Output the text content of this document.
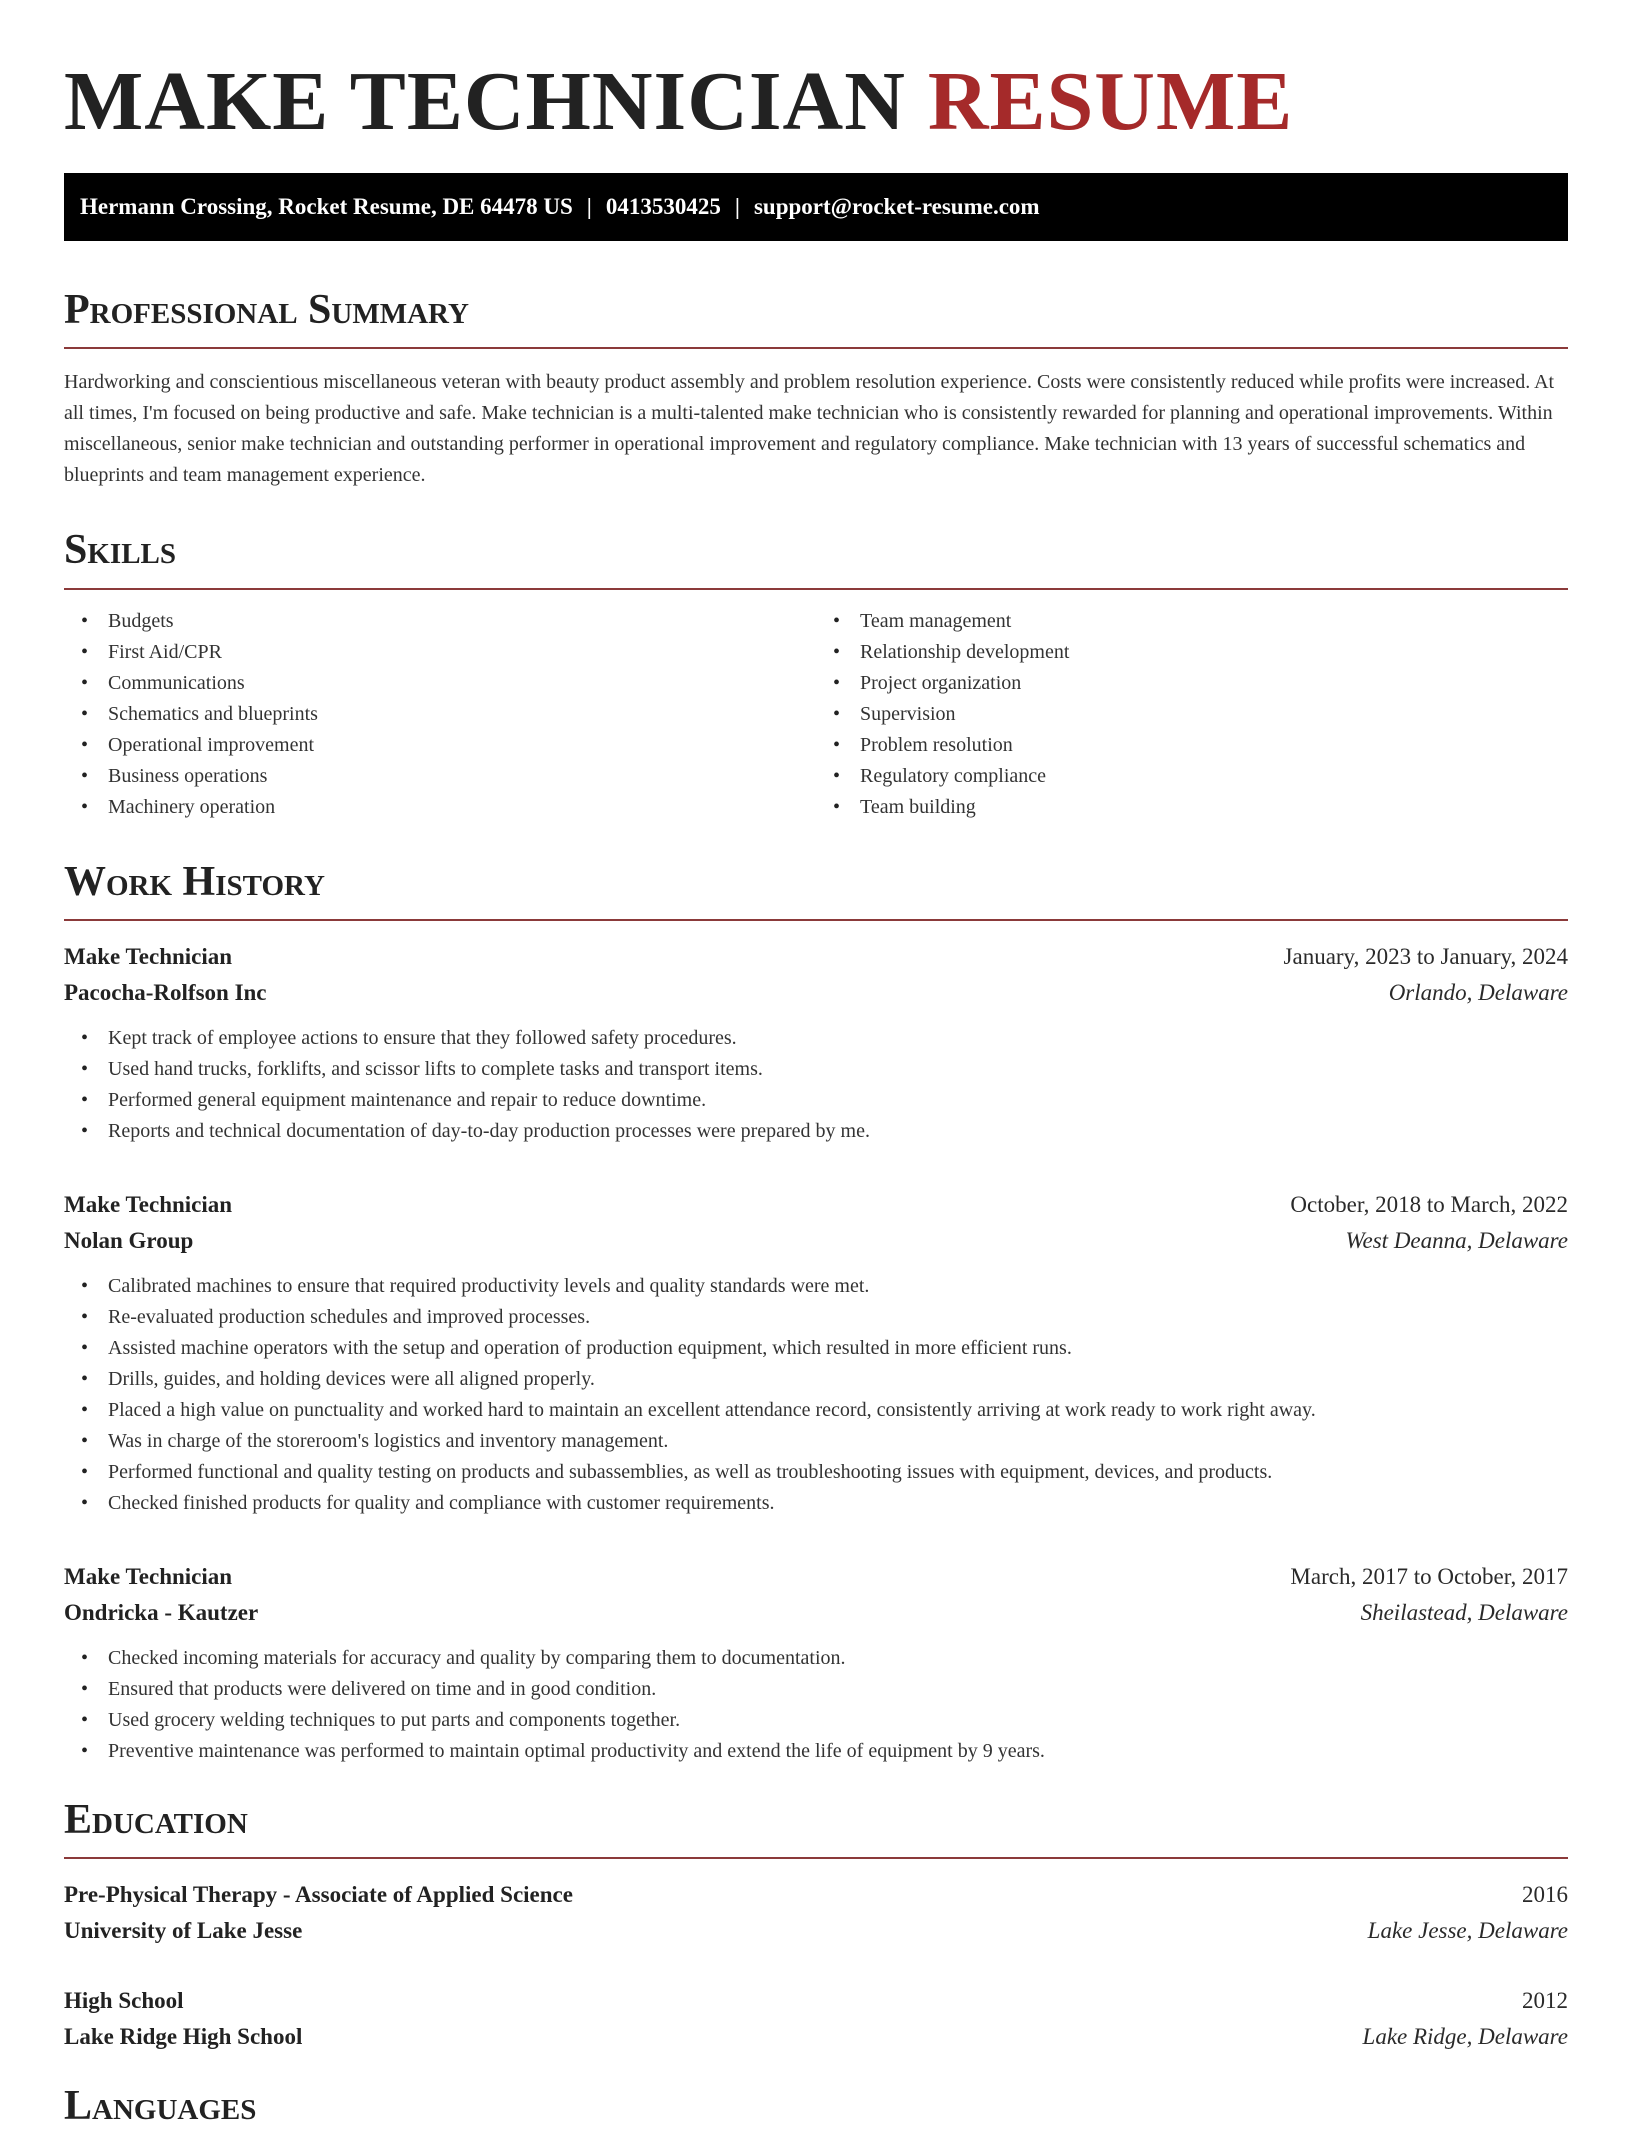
MAKE TECHNICIAN RESUME
Hermann Crossing, Rocket Resume, DE 64478 US | 0413530425 | support@rocket-resume.com
Professional Summary

Hardworking and conscientious miscellaneous veteran with beauty product assembly and problem resolution experience. Costs were consistently reduced while profits were increased. At all times, I'm focused on being productive and safe. Make technician is a multi-talented make technician who is consistently rewarded for planning and operational improvements. Within miscellaneous, senior make technician and outstanding performer in operational improvement and regulatory compliance. Make technician with 13 years of successful schematics and blueprints and team management experience.

Skills
• Budgets
• First Aid/CPR
• Communications
• Schematics and blueprints
• Operational improvement
• Business operations
• Machinery operation
• Team management
• Relationship development
• Project organization
• Supervision
• Problem resolution
• Regulatory compliance
• Team building
Work History
Make Technician	January, 2023 to January, 2024
Pacocha-Rolfson Inc	Orlando, Delaware
• Kept track of employee actions to ensure that they followed safety procedures.
• Used hand trucks, forklifts, and scissor lifts to complete tasks and transport items.
• Performed general equipment maintenance and repair to reduce downtime.
• Reports and technical documentation of day-to-day production processes were prepared by me.
Make Technician	October, 2018 to March, 2022
Nolan Group	West Deanna, Delaware
• Calibrated machines to ensure that required productivity levels and quality standards were met.
• Re-evaluated production schedules and improved processes.
• Assisted machine operators with the setup and operation of production equipment, which resulted in more efficient runs.
• Drills, guides, and holding devices were all aligned properly.
• Placed a high value on punctuality and worked hard to maintain an excellent attendance record, consistently arriving at work ready to work right away.
• Was in charge of the storeroom's logistics and inventory management.
• Performed functional and quality testing on products and subassemblies, as well as troubleshooting issues with equipment, devices, and products.
• Checked finished products for quality and compliance with customer requirements.
Make Technician	March, 2017 to October, 2017
Ondricka - Kautzer	Sheilastead, Delaware
• Checked incoming materials for accuracy and quality by comparing them to documentation.
• Ensured that products were delivered on time and in good condition.
• Used grocery welding techniques to put parts and components together.
• Preventive maintenance was performed to maintain optimal productivity and extend the life of equipment by 9 years.
Education
Pre-Physical Therapy - Associate of Applied Science	2016
University of Lake Jesse	Lake Jesse, Delaware
High School	2012
Lake Ridge High School	Lake Ridge, Delaware
Languages
